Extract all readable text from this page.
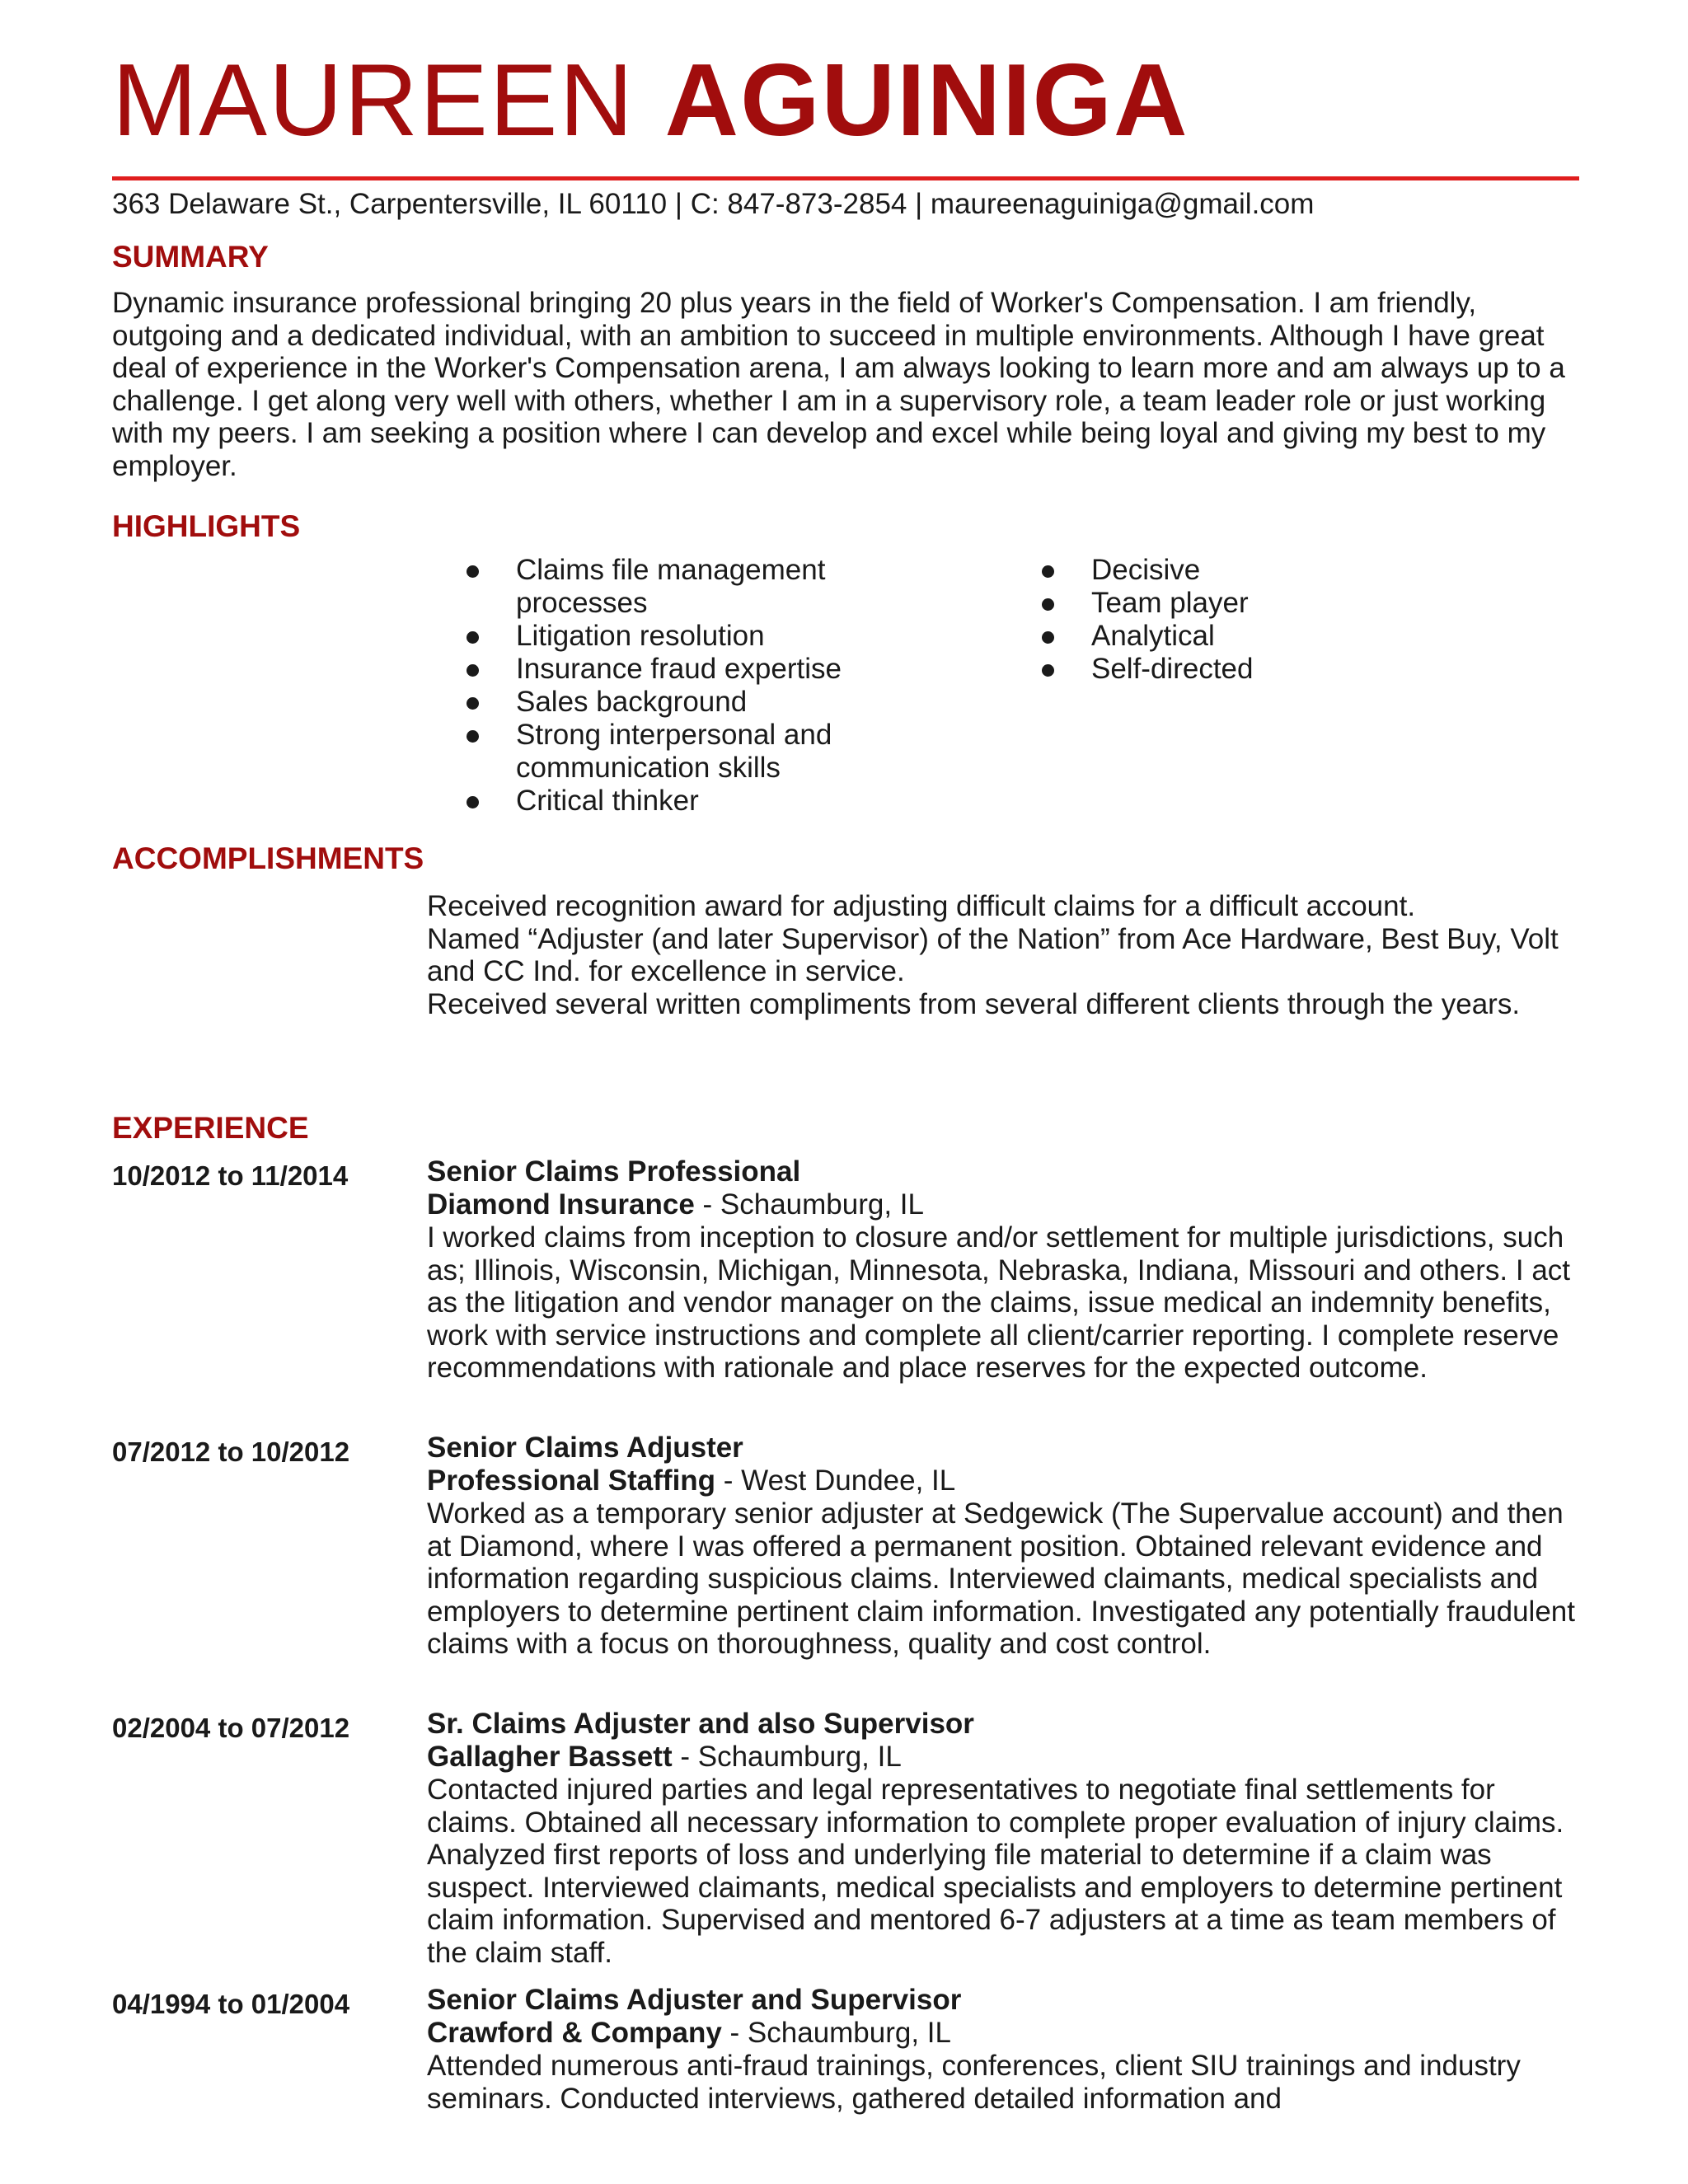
MAUREEN AGUINIGA
363 Delaware St., Carpentersville, IL 60110 | C: 847-873-2854 | maureenaguiniga@gmail.com
SUMMARY
Dynamic insurance professional bringing 20 plus years in the field of Worker's Compensation. I am friendly, outgoing and a dedicated individual, with an ambition to succeed in multiple environments. Although I have great deal of experience in the Worker's Compensation arena, I am always looking to learn more and am always up to a challenge. I get along very well with others, whether I am in a supervisory role, a team leader role or just working with my peers. I am seeking a position where I can develop and excel while being loyal and giving my best to my employer.
HIGHLIGHTS
Claims file management processes
Litigation resolution
Insurance fraud expertise
Sales background
Strong interpersonal and communication skills
Critical thinker
Decisive
Team player
Analytical
Self-directed
ACCOMPLISHMENTS
Received recognition award for adjusting difficult claims for a difficult account.
Named “Adjuster (and later Supervisor) of the Nation” from Ace Hardware, Best Buy, Volt and CC Ind. for excellence in service.
Received several written compliments from several different clients through the years.
EXPERIENCE
10/2012 to 11/2014	Senior Claims Professional
Diamond Insurance - Schaumburg, IL
I worked claims from inception to closure and/or settlement for multiple jurisdictions, such as; Illinois, Wisconsin, Michigan, Minnesota, Nebraska, Indiana, Missouri and others. I act as the litigation and vendor manager on the claims, issue medical an indemnity benefits, work with service instructions and complete all client/carrier reporting. I complete reserve recommendations with rationale and place reserves for the expected outcome.
07/2012 to 10/2012	Senior Claims Adjuster
Professional Staffing - West Dundee, IL
Worked as a temporary senior adjuster at Sedgewick (The Supervalue account) and then at Diamond, where I was offered a permanent position. Obtained relevant evidence and information regarding suspicious claims. Interviewed claimants, medical specialists and employers to determine pertinent claim information. Investigated any potentially fraudulent claims with a focus on thoroughness, quality and cost control.
02/2004 to 07/2012	Sr. Claims Adjuster and also Supervisor
Gallagher Bassett - Schaumburg, IL
Contacted injured parties and legal representatives to negotiate final settlements for claims. Obtained all necessary information to complete proper evaluation of injury claims. Analyzed first reports of loss and underlying file material to determine if a claim was suspect. Interviewed claimants, medical specialists and employers to determine pertinent claim information. Supervised and mentored 6-7 adjusters at a time as team members of the claim staff.
04/1994 to 01/2004	Senior Claims Adjuster and Supervisor
Crawford & Company - Schaumburg, IL
Attended numerous anti-fraud trainings, conferences, client SIU trainings and industry seminars. Conducted interviews, gathered detailed information and
